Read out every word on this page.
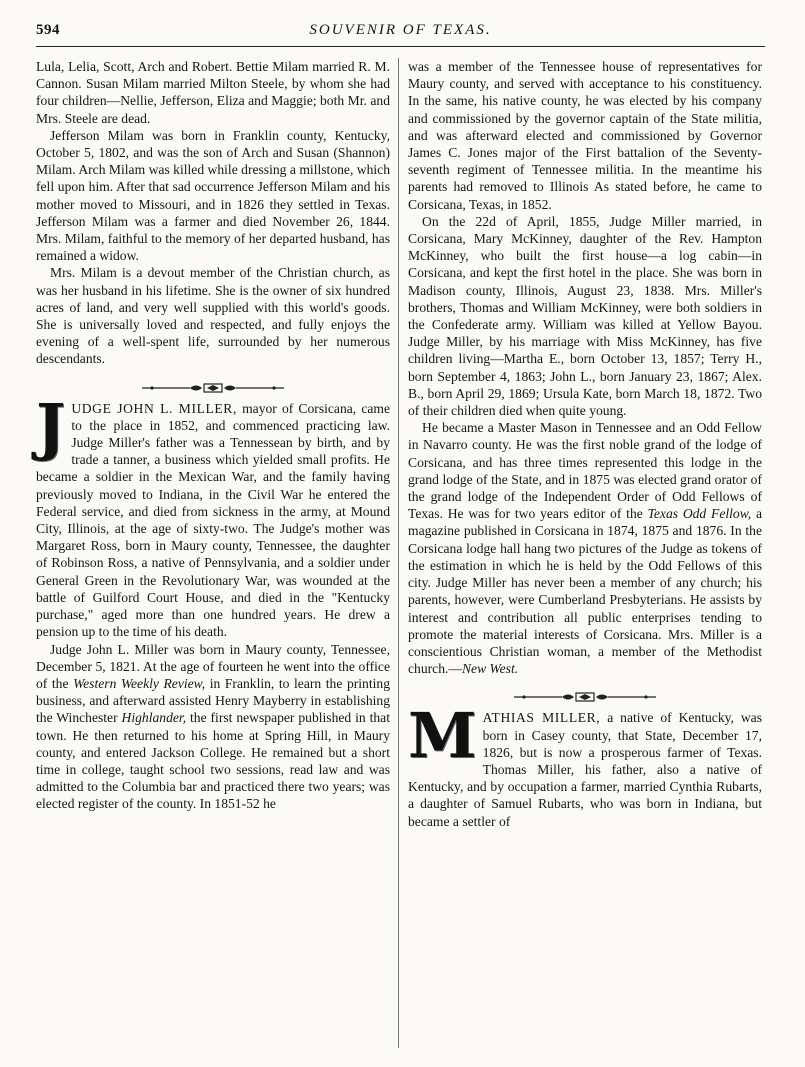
594	SOUVENIR OF TEXAS.

Lula, Lelia, Scott, Arch and Robert. Bettie Milam married R. M. Cannon. Susan Milam married Milton Steele, by whom she had four children—Nellie, Jefferson, Eliza and Maggie; both Mr. and Mrs. Steele are dead.

Jefferson Milam was born in Franklin county, Kentucky, October 5, 1802, and was the son of Arch and Susan (Shannon) Milam. Arch Milam was killed while dressing a millstone, which fell upon him. After that sad occurrence Jefferson Milam and his mother moved to Missouri, and in 1826 they settled in Texas. Jefferson Milam was a farmer and died November 26, 1844. Mrs. Milam, faithful to the memory of her departed husband, has remained a widow.

Mrs. Milam is a devout member of the Christian church, as was her husband in his lifetime. She is the owner of six hundred acres of land, and very well supplied with this world's goods. She is universally loved and respected, and fully enjoys the evening of a well-spent life, surrounded by her numerous descendants.

JUDGE JOHN L. MILLER, mayor of Corsicana, came to the place in 1852, and commenced practicing law. Judge Miller's father was a Tennessean by birth, and by trade a tanner, a business which yielded small profits. He became a soldier in the Mexican War, and the family having previously moved to Indiana, in the Civil War he entered the Federal service, and died from sickness in the army, at Mound City, Illinois, at the age of sixty-two. The Judge's mother was Margaret Ross, born in Maury county, Tennessee, the daughter of Robinson Ross, a native of Pennsylvania, and a soldier under General Green in the Revolutionary War, was wounded at the battle of Guilford Court House, and died in the "Kentucky purchase," aged more than one hundred years. He drew a pension up to the time of his death.

Judge John L. Miller was born in Maury county, Tennessee, December 5, 1821. At the age of fourteen he went into the office of the Western Weekly Review, in Franklin, to learn the printing business, and afterward assisted Henry Mayberry in establishing the Winchester Highlander, the first newspaper published in that town. He then returned to his home at Spring Hill, in Maury county, and entered Jackson College. He remained but a short time in college, taught school two sessions, read law and was admitted to the Columbia bar and practiced there two years; was elected register of the county. In 1851-52 he

was a member of the Tennessee house of representatives for Maury county, and served with acceptance to his constituency. In the same, his native county, he was elected by his company and commissioned by the governor captain of the State militia, and was afterward elected and commissioned by Governor James C. Jones major of the First battalion of the Seventy-seventh regiment of Tennessee militia. In the meantime his parents had removed to Illinois As stated before, he came to Corsicana, Texas, in 1852.

On the 22d of April, 1855, Judge Miller married, in Corsicana, Mary McKinney, daughter of the Rev. Hampton McKinney, who built the first house—a log cabin—in Corsicana, and kept the first hotel in the place. She was born in Madison county, Illinois, August 23, 1838. Mrs. Miller's brothers, Thomas and William McKinney, were both soldiers in the Confederate army. William was killed at Yellow Bayou. Judge Miller, by his marriage with Miss McKinney, has five children living—Martha E., born October 13, 1857; Terry H., born September 4, 1863; John L., born January 23, 1867; Alex. B., born April 29, 1869; Ursula Kate, born March 18, 1872. Two of their children died when quite young.

He became a Master Mason in Tennessee and an Odd Fellow in Navarro county. He was the first noble grand of the lodge of Corsicana, and has three times represented this lodge in the grand lodge of the State, and in 1875 was elected grand orator of the grand lodge of the Independent Order of Odd Fellows of Texas. He was for two years editor of the Texas Odd Fellow, a magazine published in Corsicana in 1874, 1875 and 1876. In the Corsicana lodge hall hang two pictures of the Judge as tokens of the estimation in which he is held by the Odd Fellows of this city. Judge Miller has never been a member of any church; his parents, however, were Cumberland Presbyterians. He assists by interest and contribution all public enterprises tending to promote the material interests of Corsicana. Mrs. Miller is a conscientious Christian woman, a member of the Methodist church.—New West.

MATHIAS MILLER, a native of Kentucky, was born in Casey county, that State, December 17, 1826, but is now a prosperous farmer of Texas. Thomas Miller, his father, also a native of Kentucky, and by occupation a farmer, married Cynthia Rubarts, a daughter of Samuel Rubarts, who was born in Indiana, but became a settler of
